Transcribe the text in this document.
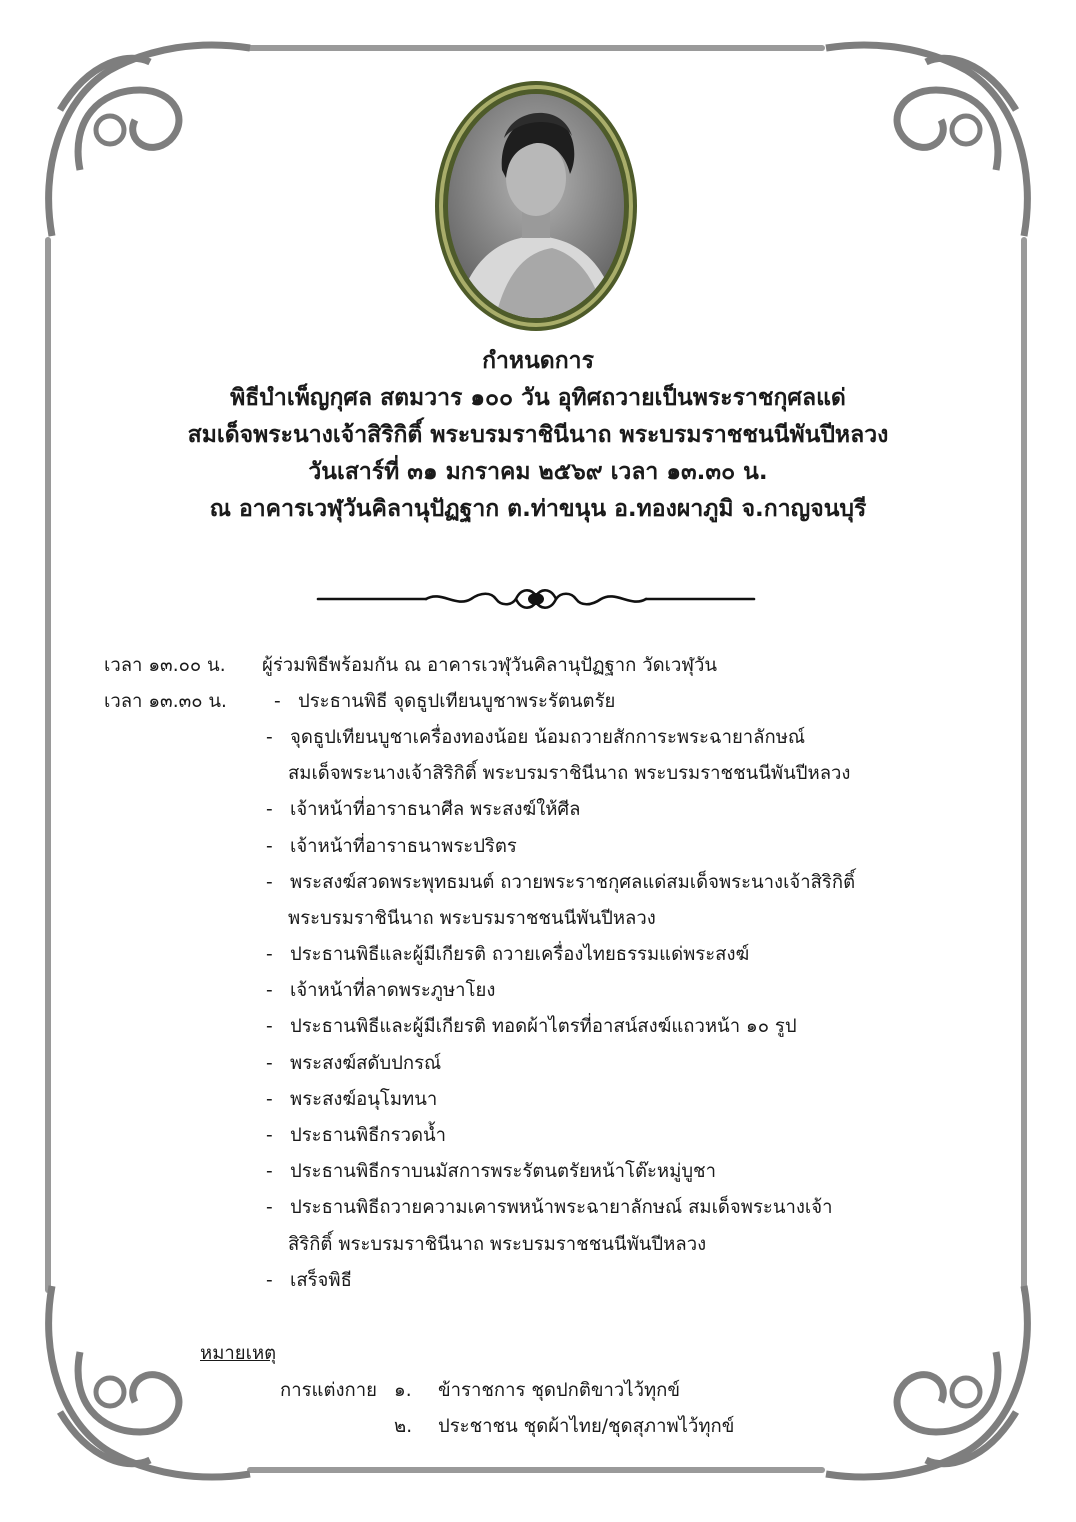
กำหนดการ
พิธีบำเพ็ญกุศล สตมวาร ๑๐๐ วัน อุทิศถวายเป็นพระราชกุศลแด่
สมเด็จพระนางเจ้าสิริกิติ์ พระบรมราชินีนาถ พระบรมราชชนนีพันปีหลวง
วันเสาร์ที่ ๓๑ มกราคม ๒๕๖๙ เวลา ๑๓.๓๐ น.
ณ อาคารเวฬุวันคิลานุปัฏฐาก ต.ท่าขนุน อ.ทองผาภูมิ จ.กาญจนบุรี
เวลา ๑๓.๐๐ น.	ผู้ร่วมพิธีพร้อมกัน ณ อาคารเวฬุวันคิลานุปัฏฐาก วัดเวฬุวัน
เวลา ๑๓.๓๐ น.	- ประธานพิธี จุดธูปเทียนบูชาพระรัตนตรัย
- จุดธูปเทียนบูชาเครื่องทองน้อย น้อมถวายสักการะพระฉายาลักษณ์
สมเด็จพระนางเจ้าสิริกิติ์ พระบรมราชินีนาถ พระบรมราชชนนีพันปีหลวง
- เจ้าหน้าที่อาราธนาศีล พระสงฆ์ให้ศีล
- เจ้าหน้าที่อาราธนาพระปริตร
- พระสงฆ์สวดพระพุทธมนต์ ถวายพระราชกุศลแด่สมเด็จพระนางเจ้าสิริกิติ์
พระบรมราชินีนาถ พระบรมราชชนนีพันปีหลวง
- ประธานพิธีและผู้มีเกียรติ ถวายเครื่องไทยธรรมแด่พระสงฆ์
- เจ้าหน้าที่ลาดพระภูษาโยง
- ประธานพิธีและผู้มีเกียรติ ทอดผ้าไตรที่อาสน์สงฆ์แถวหน้า ๑๐ รูป
- พระสงฆ์สดับปกรณ์
- พระสงฆ์อนุโมทนา
- ประธานพิธีกรวดน้ำ
- ประธานพิธีกราบนมัสการพระรัตนตรัยหน้าโต๊ะหมู่บูชา
- ประธานพิธีถวายความเคารพหน้าพระฉายาลักษณ์ สมเด็จพระนางเจ้า
สิริกิติ์ พระบรมราชินีนาถ พระบรมราชชนนีพันปีหลวง
- เสร็จพิธี
หมายเหตุ
การแต่งกาย ๑.	ข้าราชการ ชุดปกติขาวไว้ทุกข์
๒.	ประชาชน ชุดผ้าไทย/ชุดสุภาพไว้ทุกข์
